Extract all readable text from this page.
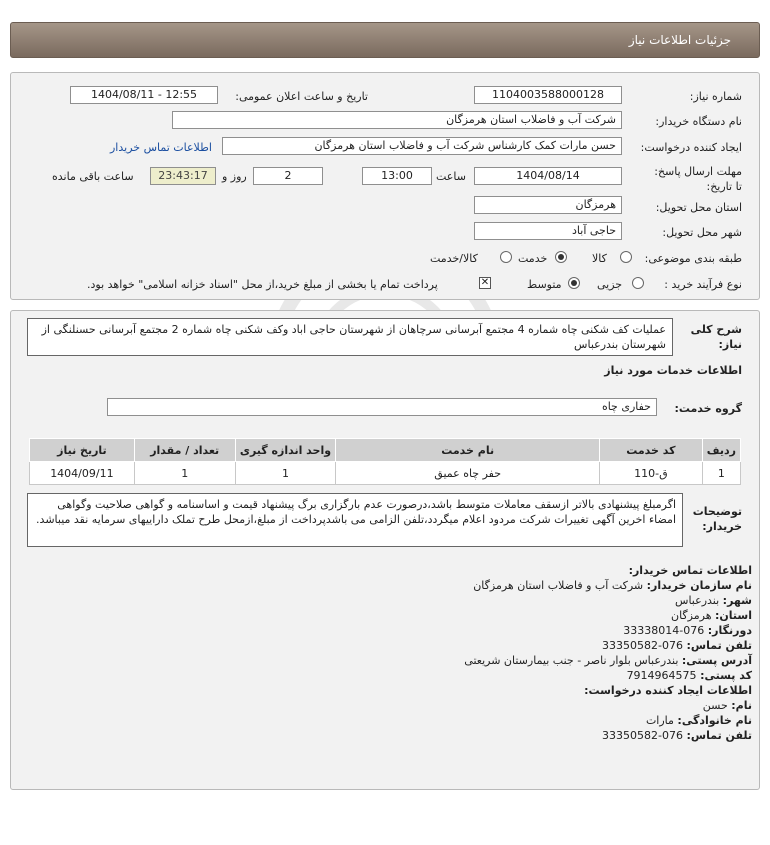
جزئیات اطلاعات نیاز
شماره نیاز:
1104003588000128
تاریخ و ساعت اعلان عمومی:
1404/08/11 - 12:55
نام دستگاه خریدار:
شرکت آب و فاضلاب استان هرمزگان
ایجاد کننده درخواست:
حسن مارات کمک کارشناس شرکت آب و فاضلاب استان هرمزگان
اطلاعات تماس خریدار
مهلت ارسال پاسخ: تا تاریخ:
1404/08/14
ساعت
13:00
2
روز و
23:43:17
ساعت باقی مانده
استان محل تحویل:
هرمزگان
شهر محل تحویل:
حاجی آباد
طبقه بندی موضوعی:
کالا
خدمت
کالا/خدمت
نوع فرآیند خرید :
جزیی
متوسط
✕
پرداخت تمام یا بخشی از مبلغ خرید،از محل "اسناد خزانه اسلامی" خواهد بود.
شرح کلی نیاز:
عملیات کف شکنی چاه شماره 4 مجتمع آبرسانی سرچاهان از شهرستان حاجی اباد وکف شکنی چاه شماره 2 مجتمع آبرسانی حسنلنگی از شهرستان بندرعباس
اطلاعات خدمات مورد نیاز
گروه خدمت:
حفاری چاه
ردیف	کد خدمت	نام خدمت	واحد اندازه گیری	تعداد / مقدار	تاریخ نیاز
1	ق-110	حفر چاه عمیق	1	1	1404/09/11
توضیحات خریدار:
اگرمبلغ پیشنهادی بالاتر ازسقف معاملات متوسط باشد،درصورت عدم بارگزاری برگ پیشنهاد قیمت و اساسنامه و گواهی صلاحیت وگواهی امضاء اخرین آگهی تغییرات شرکت مردود اعلام میگردد،تلفن الزامی می باشدپرداخت از مبلغ،ازمحل طرح تملک داراییهای سرمایه نقد میباشد.
اطلاعات تماس خریدار:
نام سازمان خریدار: شرکت آب و فاضلاب استان هرمزگان
شهر: بندرعباس
استان: هرمزگان
دورنگار: 076-33338014
تلفن تماس: 076-33350582
آدرس پستی: بندرعباس بلوار ناصر - جنب بیمارستان شریعتی
کد پستی: 7914964575
اطلاعات ایجاد کننده درخواست:
نام: حسن
نام خانوادگی: مارات
تلفن تماس: 076-33350582
